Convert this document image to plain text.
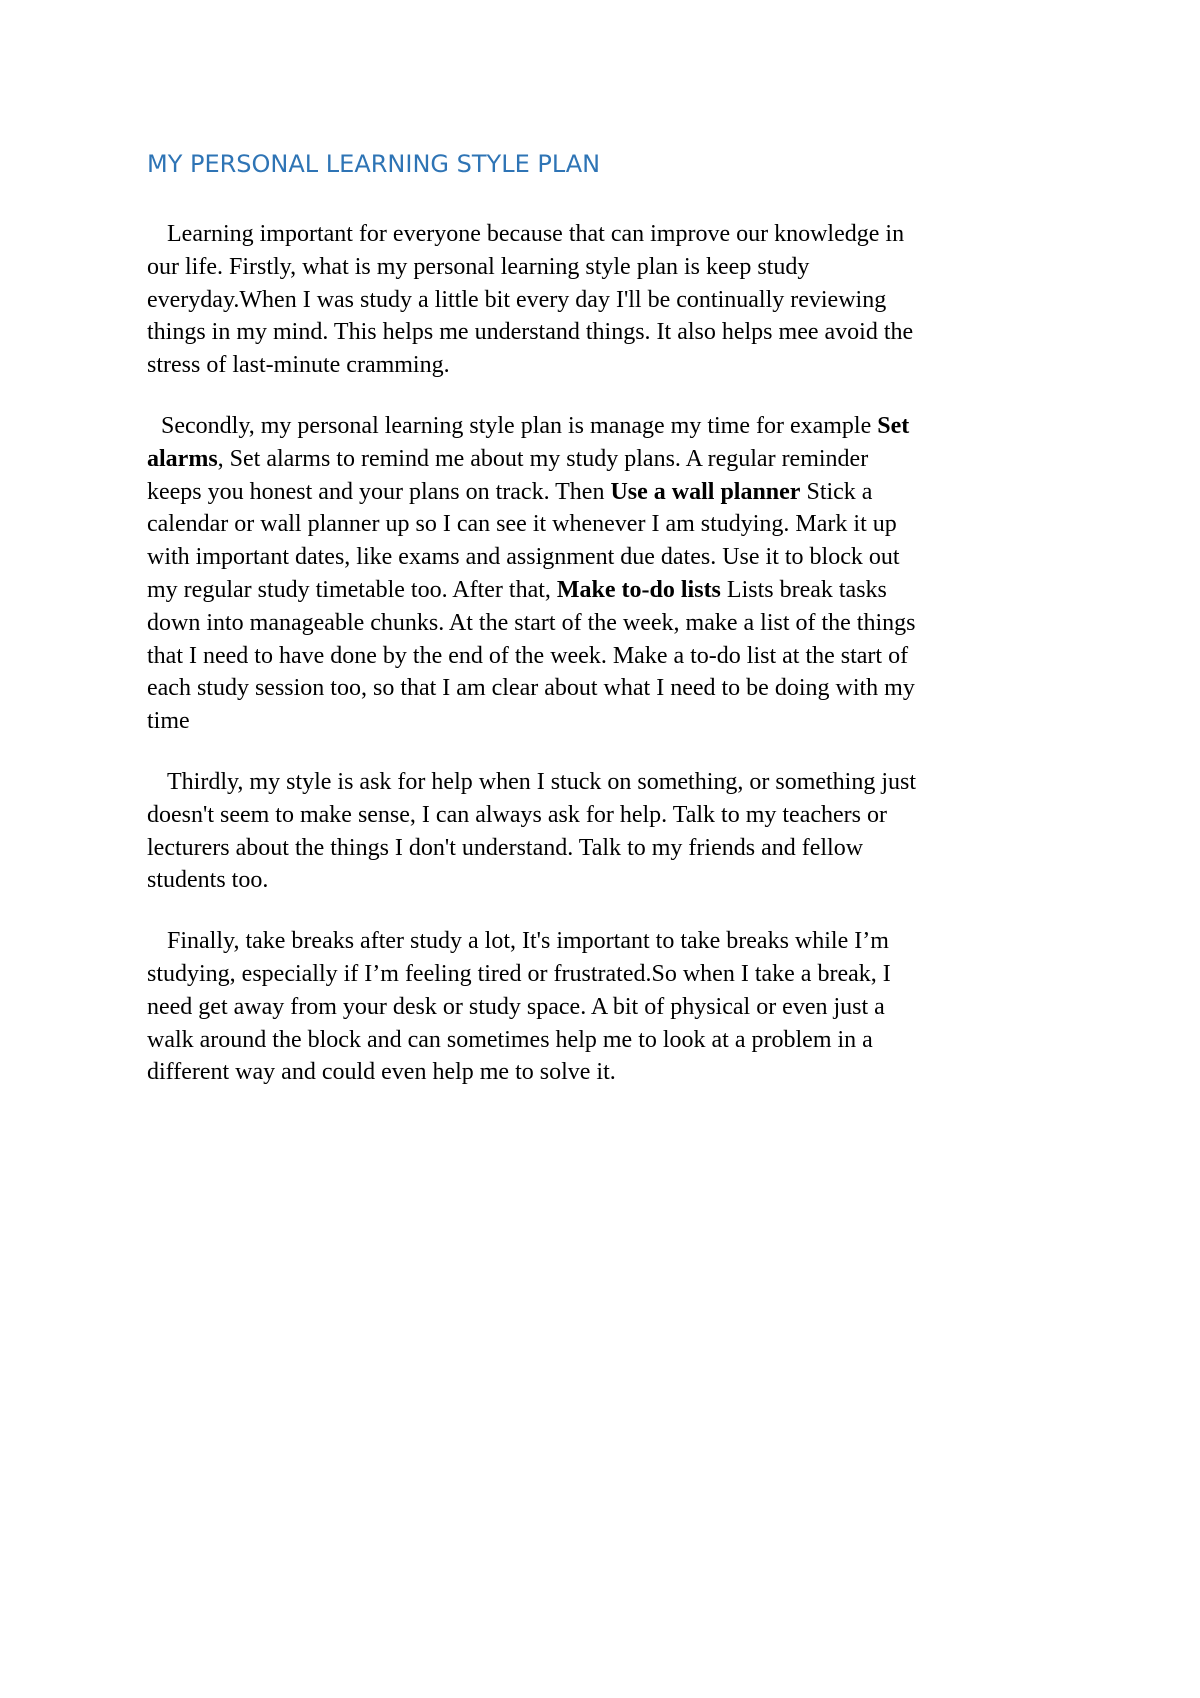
MY PERSONAL LEARNING STYLE PLAN

Learning important for everyone because that can improve our knowledge in
our life. Firstly, what is my personal learning style plan is keep study
everyday.When I was study a little bit every day I'll be continually reviewing
things in my mind. This helps me understand things. It also helps mee avoid the
stress of last-minute cramming.

Secondly, my personal learning style plan is manage my time for example Set
alarms, Set alarms to remind me about my study plans. A regular reminder
keeps you honest and your plans on track. Then Use a wall planner Stick a
calendar or wall planner up so I can see it whenever I am studying. Mark it up
with important dates, like exams and assignment due dates. Use it to block out
my regular study timetable too. After that, Make to-do lists Lists break tasks
down into manageable chunks. At the start of the week, make a list of the things
that I need to have done by the end of the week. Make a to-do list at the start of
each study session too, so that I am clear about what I need to be doing with my
time

Thirdly, my style is ask for help when I stuck on something, or something just
doesn't seem to make sense, I can always ask for help. Talk to my teachers or
lecturers about the things I don't understand. Talk to my friends and fellow
students too.

Finally, take breaks after study a lot, It's important to take breaks while I’m
studying, especially if I’m feeling tired or frustrated.So when I take a break, I
need get away from your desk or study space. A bit of physical or even just a
walk around the block and can sometimes help me to look at a problem in a
different way and could even help me to solve it.
